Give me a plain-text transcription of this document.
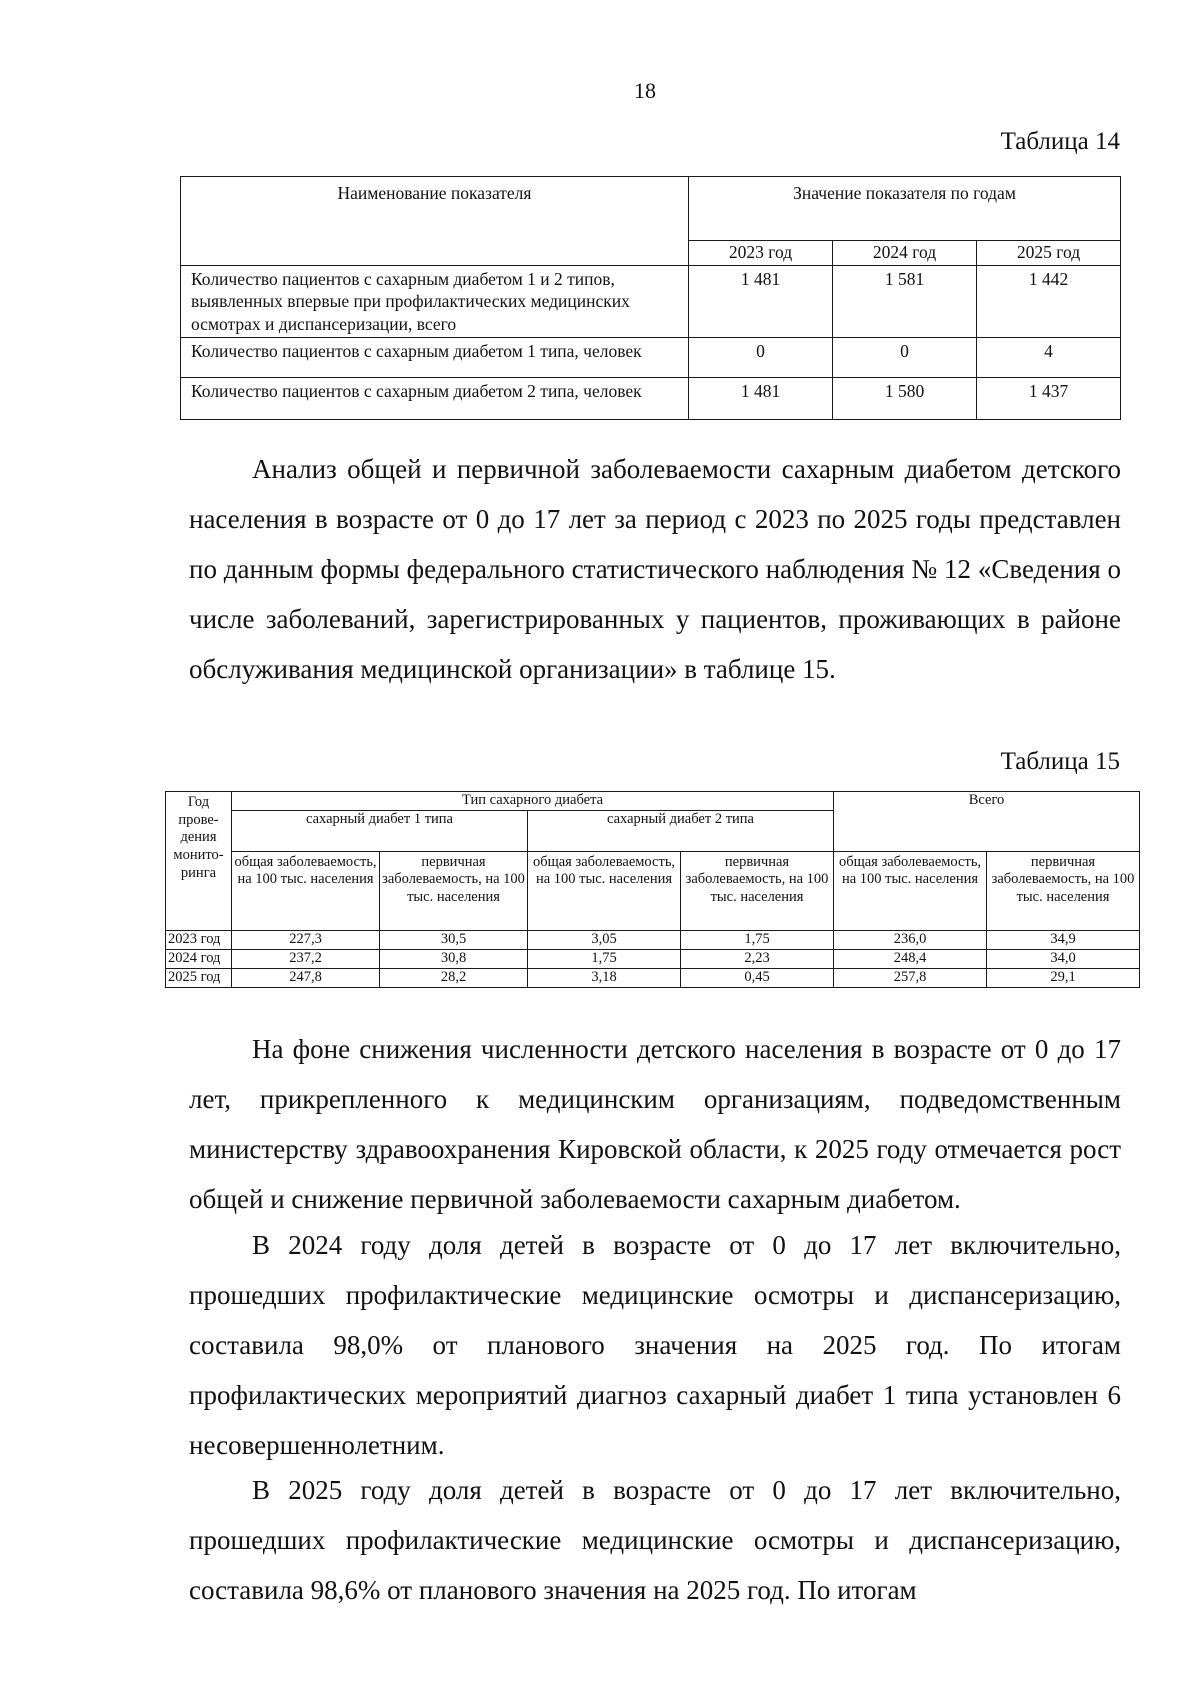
18
Таблица 14
Наименование показателя	Значение показателя по годам		
	2023 год	2024 год	2025 год
Количество пациентов с сахарным диабетом 1 и 2 типов, выявленных впервые при профилактических медицинских осмотрах и диспансеризации, всего	1 481	1 581	1 442
Количество пациентов с сахарным диабетом 1 типа, человек	0	0	4
Количество пациентов с сахарным диабетом 2 типа, человек	1 481	1 580	1 437

Анализ общей и первичной заболеваемости сахарным диабетом детского населения в возрасте от 0 до 17 лет за период с 2023 по 2025 годы представлен по данным формы федерального статистического наблюдения № 12 «Сведения о числе заболеваний, зарегистрированных у пациентов, проживающих в районе обслуживания медицинской организации» в таблице 15.

Таблица 15
Год прове-дения монито-ринга	Тип сахарного диабета				Всего	
	сахарный диабет 1 типа		сахарный диабет 2 типа			
	общая заболеваемость, на 100 тыс. населения	первичная заболеваемость, на 100 тыс. населения	общая заболеваемость, на 100 тыс. населения	первичная заболеваемость, на 100 тыс. населения	общая заболеваемость, на 100 тыс. населения	первичная заболеваемость, на 100 тыс. населения
2023 год	227,3	30,5	3,05	1,75	236,0	34,9
2024 год	237,2	30,8	1,75	2,23	248,4	34,0
2025 год	247,8	28,2	3,18	0,45	257,8	29,1

На фоне снижения численности детского населения в возрасте от 0 до 17 лет, прикрепленного к медицинским организациям, подведомственным министерству здравоохранения Кировской области, к 2025 году отмечается рост общей и снижение первичной заболеваемости сахарным диабетом.

В 2024 году доля детей в возрасте от 0 до 17 лет включительно, прошедших профилактические медицинские осмотры и диспансеризацию, составила 98,0% от планового значения на 2025 год. По итогам профилактических мероприятий диагноз сахарный диабет 1 типа установлен 6 несовершеннолетним.

В 2025 году доля детей в возрасте от 0 до 17 лет включительно, прошедших профилактические медицинские осмотры и диспансеризацию, составила 98,6% от планового значения на 2025 год. По итогам
